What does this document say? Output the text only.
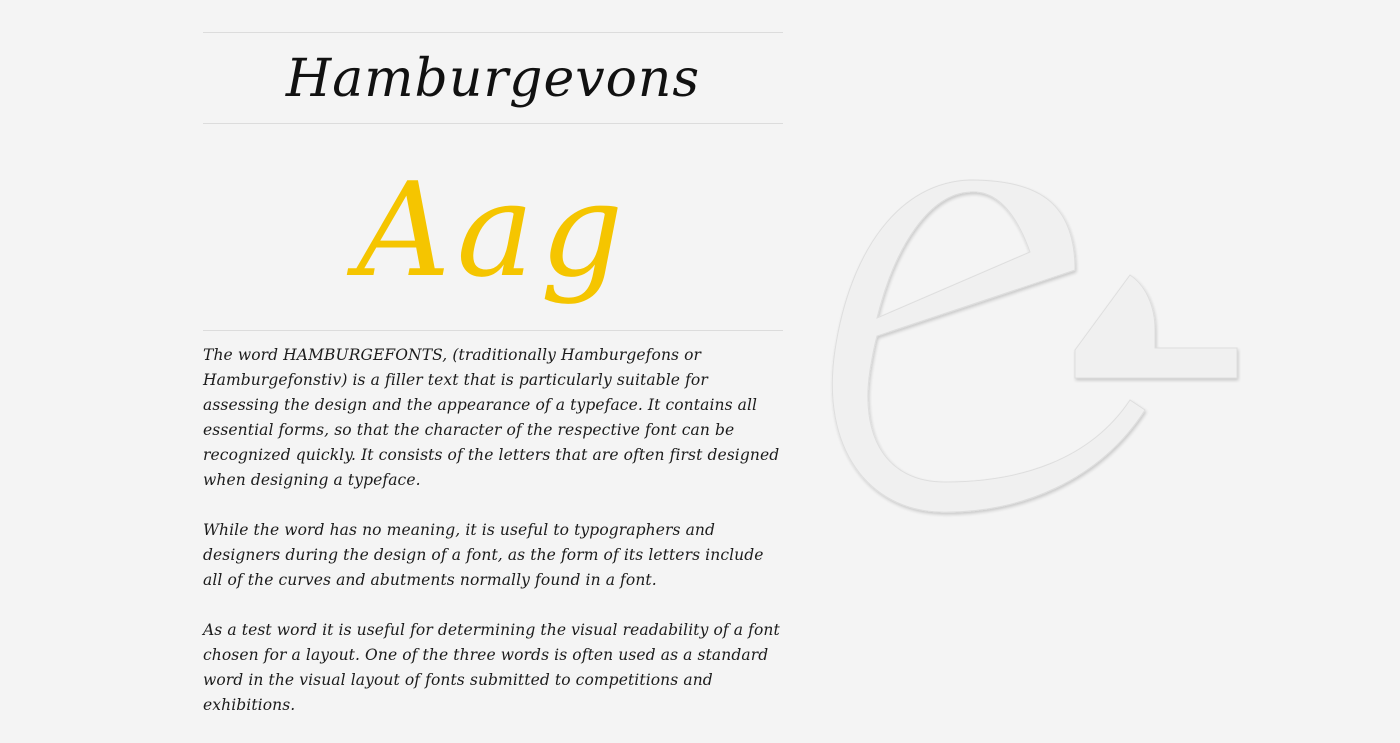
Hamburgevons
Aag

The word HAMBURGEFONTS, (traditionally Hamburgefons or Hamburgefonstiv) is a filler text that is particularly suitable for assessing the design and the appearance of a typeface. It contains all essential forms, so that the character of the respective font can be recognized quickly. It consists of the letters that are often first designed when designing a typeface.

While the word has no meaning, it is useful to typographers and designers during the design of a font, as the form of its letters include all of the curves and abutments normally found in a font.

As a test word it is useful for determining the visual readability of a font chosen for a layout. One of the three words is often used as a standard word in the visual layout of fonts submitted to competitions and exhibitions.
